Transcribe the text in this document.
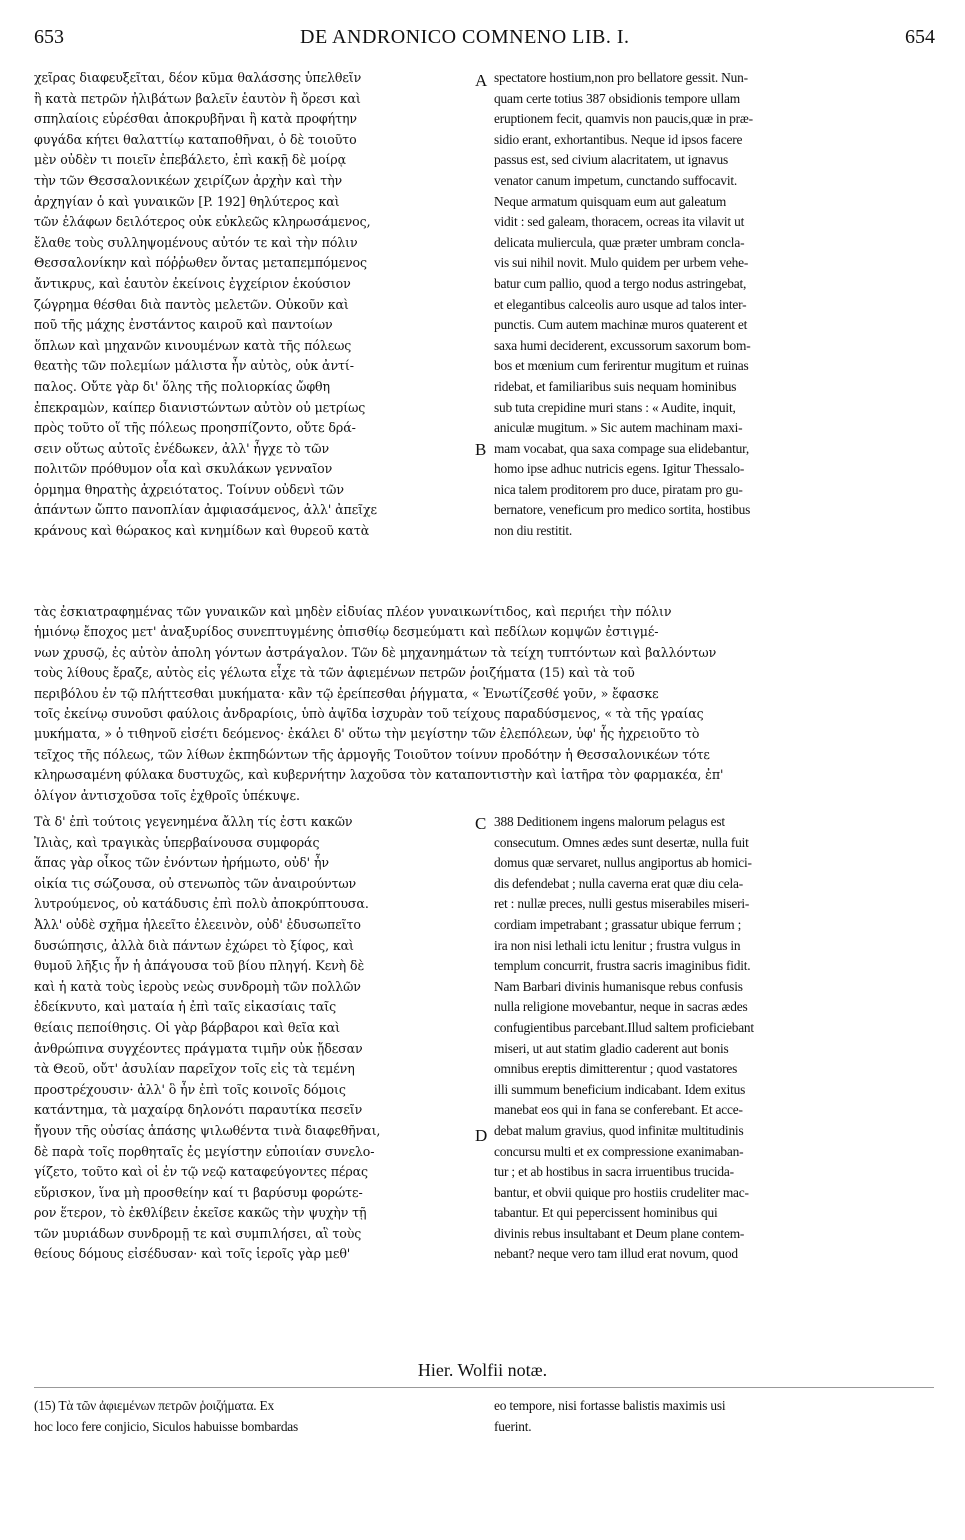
653	DE ANDRONICO COMNENO LIB. I.	654
χεῖρας διαφευξεῖται, δέον κῦμα θαλάσσης ὑπελθεῖν
ἢ κατὰ πετρῶν ἠλιβάτων βαλεῖν ἑαυτὸν ἢ ὄρεσι καὶ
σπηλαίοις εὑρέσθαι ἀποκρυβῆναι ἢ κατὰ προφήτην
φυγάδα κήτει θαλαττίῳ καταποθῆναι, ὁ δὲ τοιοῦτο
μὲν οὐδὲν τι ποιεῖν ἐπεβάλετο, ἐπὶ κακῇ δὲ μοίρᾳ
τὴν τῶν Θεσσαλονικέων χειρίζων ἀρχὴν καὶ τὴν
ἀρχηγίαν ὁ καὶ γυναικῶν [P. 192] θηλύτερος καὶ
τῶν ἐλάφων δειλότερος οὐκ εὐκλεῶς κληρωσάμενος,
ἔλαθε τοὺς συλληψομένους αὐτόν τε καὶ τὴν πόλιν
Θεσσαλονίκην καὶ πόῤῥωθεν ὄντας μεταπεμπόμενος
ἄντικρυς, καὶ ἑαυτὸν ἐκείνοις ἐγχείριον ἑκούσιον
ζώγρημα θέσθαι διὰ παντὸς μελετῶν. Οὐκοῦν καὶ
ποῦ τῆς μάχης ἐνστάντος καιροῦ καὶ παντοίων
ὅπλων καὶ μηχανῶν κινουμένων κατὰ τῆς πόλεως
θεατὴς τῶν πολεμίων μάλιστα ἦν αὐτὸς, οὐκ ἀντί-
παλος. Οὔτε γὰρ δι' ὅλης τῆς πολιορκίας ὤφθη
ἐπεκραμὼν, καίπερ διανιστώντων αὐτὸν οὐ μετρίως
πρὸς τοῦτο οἵ τῆς πόλεως προησπίζοντο, οὔτε δρά-
σειν οὕτως αὐτοῖς ἐνέδωκεν, ἀλλ' ἦγχε τὸ τῶν
πολιτῶν πρόθυμον οἷα καὶ σκυλάκων γενναῖον
ὁρμημα θηρατὴς ἀχρειότατος. Τοίνυν οὐδενὶ τῶν
ἁπάντων ὤπτο πανοπλίαν ἀμφιασάμενος, ἀλλ' ἀπεῖχε
κράνους καὶ θώρακος καὶ κνημίδων καὶ θυρεοῦ κατὰ
spectatore hostium,non pro bellatore gessit. Nun-
quam certe totius 387 obsidionis tempore ullam
eruptionem fecit, quamvis non paucis,quæ in præ-
sidio erant, exhortantibus. Neque id ipsos facere
passus est, sed civium alacritatem, ut ignavus
venator canum impetum, cunctando suffocavit.
Neque armatum quisquam eum aut galeatum
vidit : sed galeam, thoracem, ocreas ita vilavit ut
delicata muliercula, quæ præter umbram concla-
vis sui nihil novit. Mulo quidem per urbem vehe-
batur cum pallio, quod a tergo nodus astringebat,
et elegantibus calceolis auro usque ad talos inter-
punctis. Cum autem machinæ muros quaterent et
saxa humi deciderent, excussorum saxorum bom-
bos et mœnium cum ferirentur mugitum et ruinas
ridebat, et familiaribus suis nequam hominibus
sub tuta crepidine muri stans : « Audite, inquit,
aniculæ mugitum. » Sic autem machinam maxi-
mam vocabat, qua saxa compage sua elidebantur,
homo ipse adhuc nutricis egens. Igitur Thessalo-
nica talem proditorem pro duce, piratam pro gu-
bernatore, veneficum pro medico sortita, hostibus
non diu restitit.
A
B
τὰς ἐσκιατραφημένας τῶν γυναικῶν καὶ μηδὲν εἰδυίας πλέον γυναικωνίτιδος, καὶ περιήει τὴν πόλιν
ἡμιόνῳ ἔποχος μετ' ἀναξυρίδος συνεπτυγμένης ὀπισθίῳ δεσμεύματι καὶ πεδίλων κομψῶν ἐστιγμέ-
νων χρυσῷ, ἐς αὐτὸν ἀπολη γόντων ἀστράγαλον. Τῶν δὲ μηχανημάτων τὰ τείχη τυπτόντων καὶ βαλλόντων
τοὺς λίθους ἔραζε, αὐτὸς εἰς γέλωτα εἶχε τὰ τῶν ἀφιεμένων πετρῶν ῥοιζήματα (15) καὶ τὰ τοῦ
περιβόλου ἐν τῷ πλήττεσθαι μυκήματα· κἂν τῷ ἐρείπεσθαι ῥήγματα, « Ἐνωτίζεσθέ γοῦν, » ἔφασκε
τοῖς ἐκείνῳ συνοῦσι φαύλοις ἀνδραρίοις, ὑπὸ ἀψῖδα ἰσχυρὰν τοῦ τείχους παραδύσμενος, « τὰ τῆς γραίας
μυκήματα, » ὁ τιθηνοῦ εἰσέτι δεόμενος· ἐκάλει δ' οὕτω τὴν μεγίστην τῶν ἑλεπόλεων, ὑφ' ἧς ἠχρειοῦτο τὸ
τεῖχος τῆς πόλεως, τῶν λίθων ἐκπηδώντων τῆς ἁρμογῆς Τοιοῦτον τοίνυν προδότην ἡ Θεσσαλονικέων τότε
κληρωσαμένη φύλακα δυστυχῶς, καὶ κυβερνήτην λαχοῦσα τὸν καταποντιστὴν καὶ ἰατῆρα τὸν φαρμακέα, ἐπ'
ὀλίγον ἀντισχοῦσα τοῖς ἐχθροῖς ὑπέκυψε.
Τὰ δ' ἐπὶ τούτοις γεγενημένα ἄλλη τίς ἐστι κακῶν
Ἰλιὰς, καὶ τραγικὰς ὑπερβαίνουσα συμφοράς
ἅπας γὰρ οἶκος τῶν ἐνόντων ἠρήμωτο, οὐδ' ἦν
οἰκία τις σώζουσα, οὐ στενωπὸς τῶν ἀναιρούντων
λυτρούμενος, οὐ κατάδυσις ἐπὶ πολὺ ἀποκρύπτουσα.
Ἀλλ' οὐδὲ σχῆμα ἠλεεῖτο ἐλεεινὸν, οὐδ' ἐδυσωπεῖτο
δυσώπησις, ἀλλὰ διὰ πάντων ἐχώρει τὸ ξίφος, καὶ
θυμοῦ λῆξις ἦν ἡ ἀπάγουσα τοῦ βίου πληγή. Κενὴ δὲ
καὶ ἡ κατὰ τοὺς ἱεροὺς νεὼς συνδρομὴ τῶν πολλῶν
ἐδείκνυτο, καὶ ματαία ἡ ἐπὶ ταῖς εἰκασίαις ταῖς
θείαις πεποίθησις. Οἱ γὰρ βάρβαροι καὶ θεῖα καὶ
ἀνθρώπινα συγχέοντες πράγματα τιμῆν οὐκ ᾔδεσαν
τὰ Θεοῦ, οὔτ' ἀσυλίαν παρεῖχον τοῖς εἰς τὰ τεμένη
προστρέχουσιν· ἀλλ' ὃ ἦν ἐπὶ τοῖς κοινοῖς δόμοις
κατάντημα, τὰ μαχαίρᾳ δηλονότι παραυτίκα πεσεῖν
ἤγουν τῆς οὐσίας ἁπάσης ψιλωθέντα τινὰ διαφεθῆναι,
δὲ παρὰ τοῖς πορθηταῖς ἐς μεγίστην εὐποιίαν συνελο-
γίζετο, τοῦτο καὶ οἱ ἐν τῷ νεῷ καταφεύγοντες πέρας
εὕρισκον, ἵνα μὴ προσθείην καί τι βαρύσυμ φορώτε-
ρον ἕτερον, τὸ ἐκθλίβειν ἐκεῖσε κακῶς τὴν ψυχὴν τῇ
τῶν μυριάδων συνδρομῇ τε καὶ συμπιλήσει, αἳ τοὺς
θείους δόμους εἰσέδυσαν· καὶ τοῖς ἱεροῖς γὰρ μεθ'
388 Deditionem ingens malorum pelagus est
consecutum. Omnes ædes sunt desertæ, nulla fuit
domus quæ servaret, nullus angiportus ab homici-
dis defendebat ; nulla caverna erat quæ diu cela-
ret : nullæ preces, nulli gestus miserabiles miseri-
cordiam impetrabant ; grassatur ubique ferrum ;
ira non nisi lethali ictu lenitur ; frustra vulgus in
templum concurrit, frustra sacris imaginibus fidit.
Nam Barbari divinis humanisque rebus confusis
nulla religione movebantur, neque in sacras ædes
confugientibus parcebant.Illud saltem proficiebant
miseri, ut aut statim gladio caderent aut bonis
omnibus ereptis dimitterentur ; quod vastatores
illi summum beneficium indicabant. Idem exitus
manebat eos qui in fana se conferebant. Et acce-
debat malum gravius, quod infinitæ multitudinis
concursu multi et ex compressione exanimaban-
tur ; et ab hostibus in sacra irruentibus trucida-
bantur, et obvii quique pro hostiis crudeliter mac-
tabantur. Et qui pepercissent hominibus qui
divinis rebus insultabant et Deum plane contem-
nebant? neque vero tam illud erat novum, quod
C
D
Hier. Wolfii notæ.
(15) Τὰ τῶν ἀφιεμένων πετρῶν ῥοιζήματα. Ex
hoc loco fere conjicio, Siculos habuisse bombardas
eo tempore, nisi fortasse balistis maximis usi
fuerint.
